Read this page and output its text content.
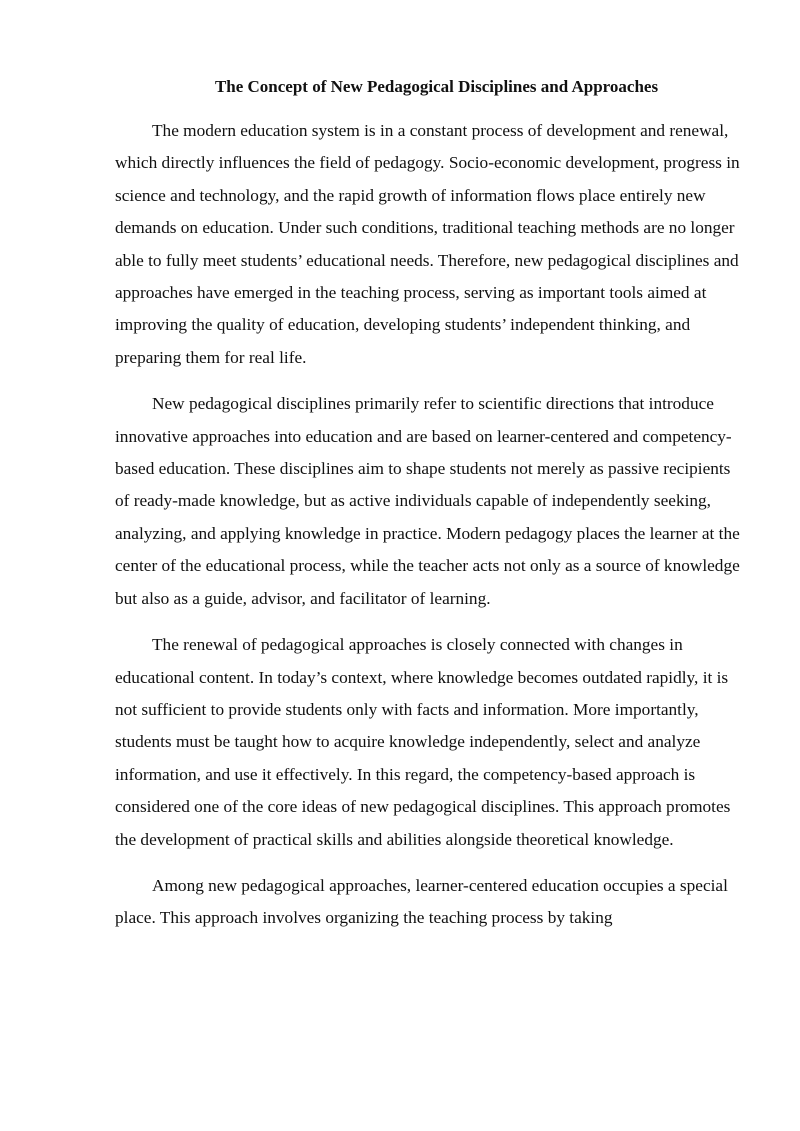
The Concept of New Pedagogical Disciplines and Approaches

The modern education system is in a constant process of development and renewal, which directly influences the field of pedagogy. Socio-economic development, progress in science and technology, and the rapid growth of information flows place entirely new demands on education. Under such conditions, traditional teaching methods are no longer able to fully meet students’ educational needs. Therefore, new pedagogical disciplines and approaches have emerged in the teaching process, serving as important tools aimed at improving the quality of education, developing students’ independent thinking, and preparing them for real life.

New pedagogical disciplines primarily refer to scientific directions that introduce innovative approaches into education and are based on learner-centered and competency-based education. These disciplines aim to shape students not merely as passive recipients of ready-made knowledge, but as active individuals capable of independently seeking, analyzing, and applying knowledge in practice. Modern pedagogy places the learner at the center of the educational process, while the teacher acts not only as a source of knowledge but also as a guide, advisor, and facilitator of learning.

The renewal of pedagogical approaches is closely connected with changes in educational content. In today’s context, where knowledge becomes outdated rapidly, it is not sufficient to provide students only with facts and information. More importantly, students must be taught how to acquire knowledge independently, select and analyze information, and use it effectively. In this regard, the competency-based approach is considered one of the core ideas of new pedagogical disciplines. This approach promotes the development of practical skills and abilities alongside theoretical knowledge.

Among new pedagogical approaches, learner-centered education occupies a special place. This approach involves organizing the teaching process by taking
